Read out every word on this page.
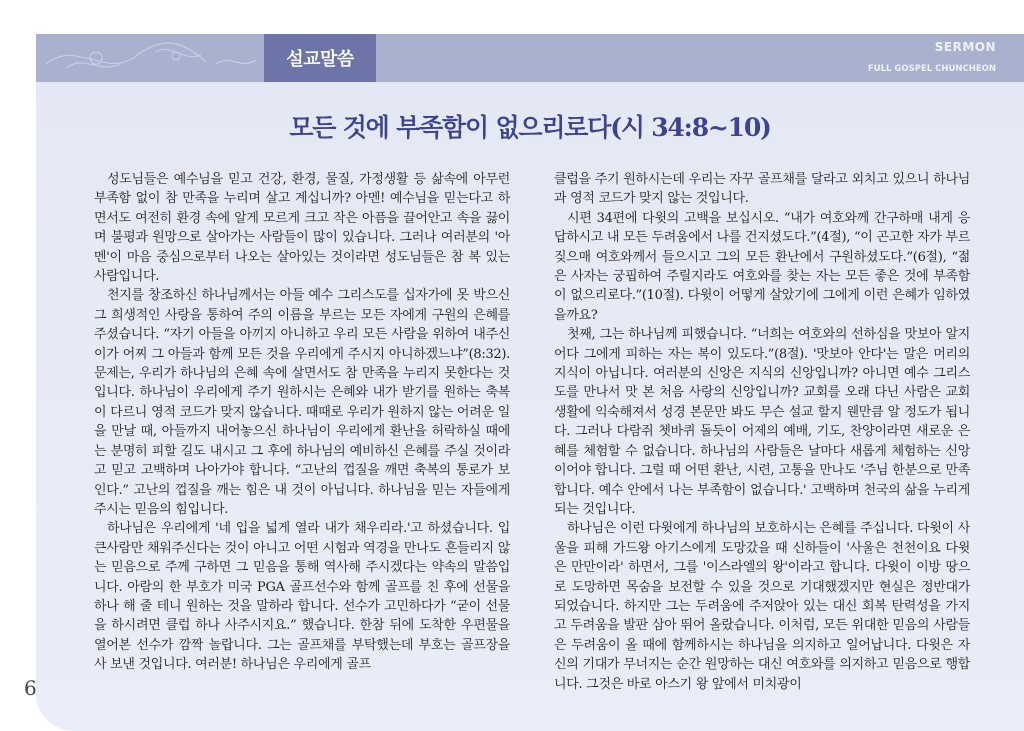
설교말씀
SERMON
FULL GOSPEL CHUNCHEON
모든 것에 부족함이 없으리로다(시 34:8~10)

성도님들은 예수님을 믿고 건강, 환경, 물질, 가정생활 등 삶속에 아무런 부족함 없이 참 만족을 누리며 살고 계십니까? 아멘! 예수님을 믿는다고 하면서도 여전히 환경 속에 알게 모르게 크고 작은 아픔을 끌어안고 속을 끓이며 불평과 원망으로 살아가는 사람들이 많이 있습니다. 그러나 여러분의 '아멘'이 마음 중심으로부터 나오는 살아있는 것이라면 성도님들은 참 복 있는 사람입니다.

천지를 창조하신 하나님께서는 아들 예수 그리스도를 십자가에 못 박으신 그 희생적인 사랑을 통하여 주의 이름을 부르는 모든 자에게 구원의 은혜를 주셨습니다. “자기 아들을 아끼지 아니하고 우리 모든 사람을 위하여 내주신 이가 어찌 그 아들과 함께 모든 것을 우리에게 주시지 아니하겠느냐”(8:32). 문제는, 우리가 하나님의 은혜 속에 살면서도 참 만족을 누리지 못한다는 것입니다. 하나님이 우리에게 주기 원하시는 은혜와 내가 받기를 원하는 축복이 다르니 영적 코드가 맞지 않습니다. 때때로 우리가 원하지 않는 어려운 일을 만날 때, 아들까지 내어놓으신 하나님이 우리에게 환난을 허락하실 때에는 분명히 피할 길도 내시고 그 후에 하나님의 예비하신 은혜를 주실 것이라고 믿고 고백하며 나아가야 합니다. “고난의 껍질을 깨면 축복의 통로가 보인다.” 고난의 껍질을 깨는 힘은 내 것이 아닙니다. 하나님을 믿는 자들에게 주시는 믿음의 힘입니다.

하나님은 우리에게 '네 입을 넓게 열라 내가 채우리라.'고 하셨습니다. 입 큰사람만 채워주신다는 것이 아니고 어떤 시험과 역경을 만나도 흔들리지 않는 믿음으로 주께 구하면 그 믿음을 통해 역사해 주시겠다는 약속의 말씀입니다. 아람의 한 부호가 미국 PGA 골프선수와 함께 골프를 친 후에 선물을 하나 해 줄 테니 원하는 것을 말하라 합니다. 선수가 고민하다가 “굳이 선물을 하시려면 클럽 하나 사주시지요.” 했습니다. 한참 뒤에 도착한 우편물을 열어본 선수가 깜짝 놀랍니다. 그는 골프채를 부탁했는데 부호는 골프장을 사 보낸 것입니다. 여러분! 하나님은 우리에게 골프

클럽을 주기 원하시는데 우리는 자꾸 골프채를 달라고 외치고 있으니 하나님과 영적 코드가 맞지 않는 것입니다.

시편 34편에 다윗의 고백을 보십시오. “내가 여호와께 간구하매 내게 응답하시고 내 모든 두려움에서 나를 건지셨도다.”(4절), “이 곤고한 자가 부르짖으매 여호와께서 들으시고 그의 모든 환난에서 구원하셨도다.”(6절), “젊은 사자는 궁핍하여 주릴지라도 여호와를 찾는 자는 모든 좋은 것에 부족함이 없으리로다.”(10절). 다윗이 어떻게 살았기에 그에게 이런 은혜가 임하였을까요?

첫째, 그는 하나님께 피했습니다. “너희는 여호와의 선하심을 맛보아 알지어다 그에게 피하는 자는 복이 있도다.”(8절). '맛보아 안다'는 말은 머리의 지식이 아닙니다. 여러분의 신앙은 지식의 신앙입니까? 아니면 예수 그리스도를 만나서 맛 본 처음 사랑의 신앙입니까? 교회를 오래 다닌 사람은 교회생활에 익숙해져서 성경 본문만 봐도 무슨 설교 할지 웬만큼 알 정도가 됩니다. 그러나 다람쥐 쳇바퀴 돌듯이 어제의 예배, 기도, 찬양이라면 새로운 은혜를 체험할 수 없습니다. 하나님의 사람들은 날마다 새롭게 체험하는 신앙이어야 합니다. 그럴 때 어떤 환난, 시련, 고통을 만나도 '주님 한분으로 만족합니다. 예수 안에서 나는 부족함이 없습니다.' 고백하며 천국의 삶을 누리게 되는 것입니다.

하나님은 이런 다윗에게 하나님의 보호하시는 은혜를 주십니다. 다윗이 사울을 피해 가드왕 아기스에게 도망갔을 때 신하들이 '사울은 천천이요 다윗은 만만이라' 하면서, 그를 '이스라엘의 왕'이라고 합니다. 다윗이 이방 땅으로 도망하면 목숨을 보전할 수 있을 것으로 기대했겠지만 현실은 정반대가 되었습니다. 하지만 그는 두려움에 주저앉아 있는 대신 회복 탄력성을 가지고 두려움을 발판 삼아 뛰어 올랐습니다. 이처럼, 모든 위대한 믿음의 사람들은 두려움이 올 때에 함께하시는 하나님을 의지하고 일어납니다. 다윗은 자신의 기대가 무너지는 순간 원망하는 대신 여호와를 의지하고 믿음으로 행합니다. 그것은 바로 아스기 왕 앞에서 미치광이

6
